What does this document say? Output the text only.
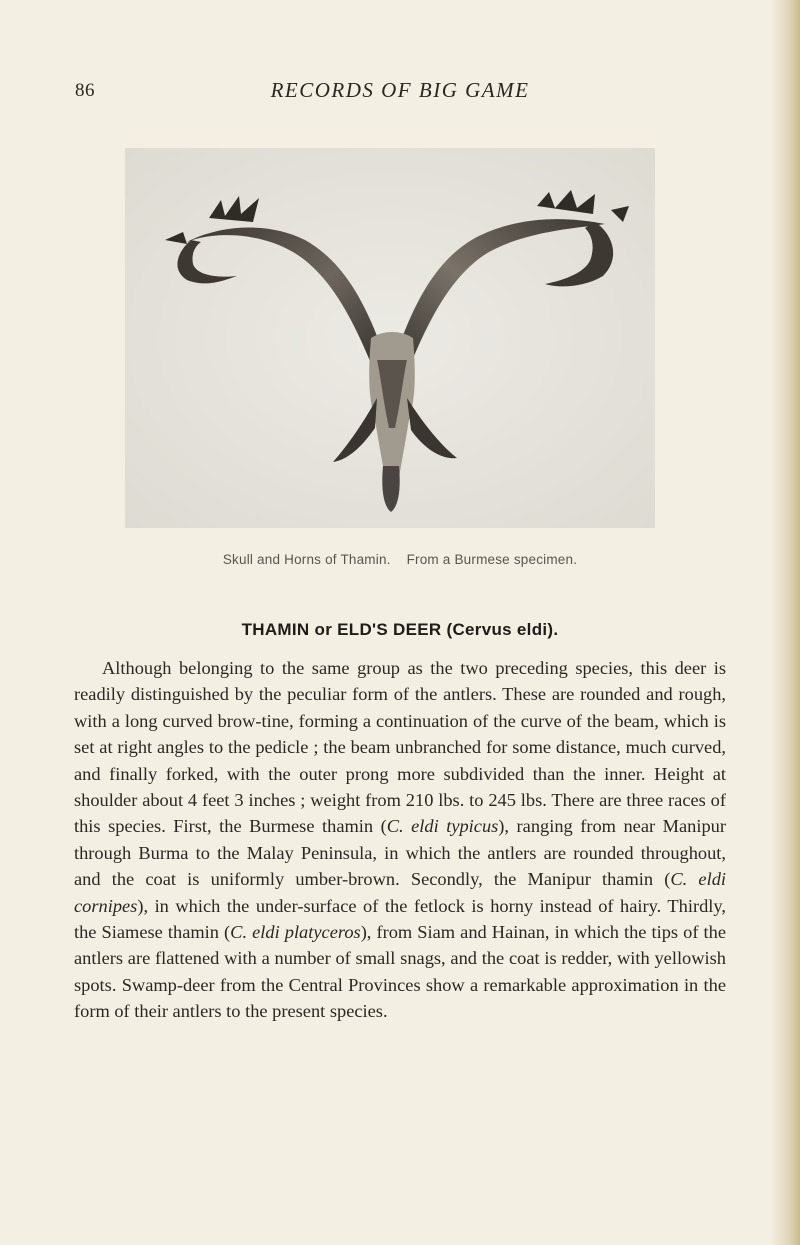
86	RECORDS OF BIG GAME
Skull and Horns of Thamin. From a Burmese specimen.
THAMIN or ELD'S DEER (Cervus eldi).

Although belonging to the same group as the two preceding species, this deer is readily distinguished by the peculiar form of the antlers. These are rounded and rough, with a long curved brow-tine, forming a continuation of the curve of the beam, which is set at right angles to the pedicle ; the beam unbranched for some distance, much curved, and finally forked, with the outer prong more subdivided than the inner. Height at shoulder about 4 feet 3 inches ; weight from 210 lbs. to 245 lbs. There are three races of this species. First, the Burmese thamin (C. eldi typicus), ranging from near Manipur through Burma to the Malay Peninsula, in which the antlers are rounded throughout, and the coat is uniformly umber-brown. Secondly, the Manipur thamin (C. eldi cornipes), in which the under-surface of the fetlock is horny instead of hairy. Thirdly, the Siamese thamin (C. eldi platyceros), from Siam and Hainan, in which the tips of the antlers are flattened with a number of small snags, and the coat is redder, with yellowish spots. Swamp-deer from the Central Provinces show a remarkable approximation in the form of their antlers to the present species.
